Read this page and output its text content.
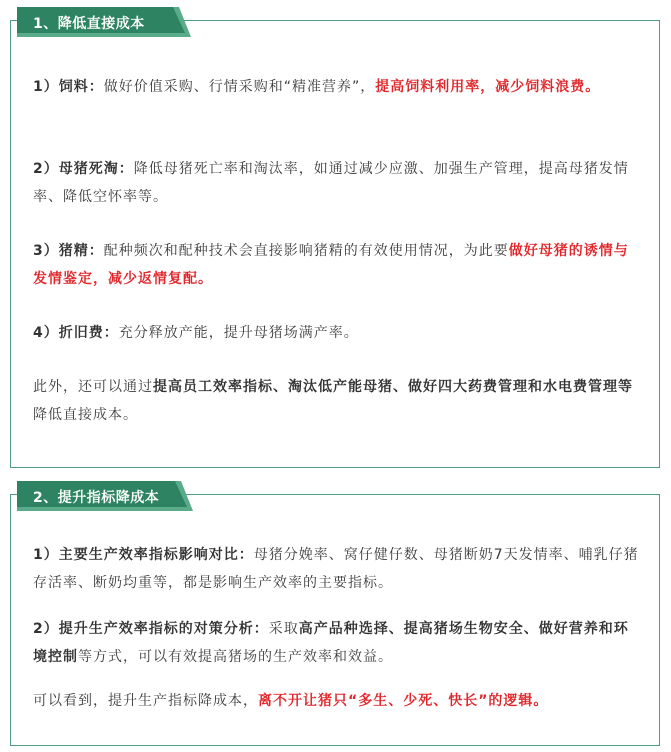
1、降低直接成本
1）饲料：做好价值采购、行情采购和“精准营养”，提高饲料利用率，减少饲料浪费。
2）母猪死淘：降低母猪死亡率和淘汰率，如通过减少应激、加强生产管理，提高母猪发情率、降低空怀率等。
3）猪精：配种频次和配种技术会直接影响猪精的有效使用情况，为此要做好母猪的诱情与发情鉴定，减少返情复配。
4）折旧费：充分释放产能，提升母猪场满产率。
此外，还可以通过提高员工效率指标、淘汰低产能母猪、做好四大药费管理和水电费管理等降低直接成本。
2、提升指标降成本
1）主要生产效率指标影响对比：母猪分娩率、窝仔健仔数、母猪断奶7天发情率、哺乳仔猪存活率、断奶均重等，都是影响生产效率的主要指标。
2）提升生产效率指标的对策分析：采取高产品种选择、提高猪场生物安全、做好营养和环境控制等方式，可以有效提高猪场的生产效率和效益。
可以看到，提升生产指标降成本，离不开让猪只“多生、少死、快长”的逻辑。
